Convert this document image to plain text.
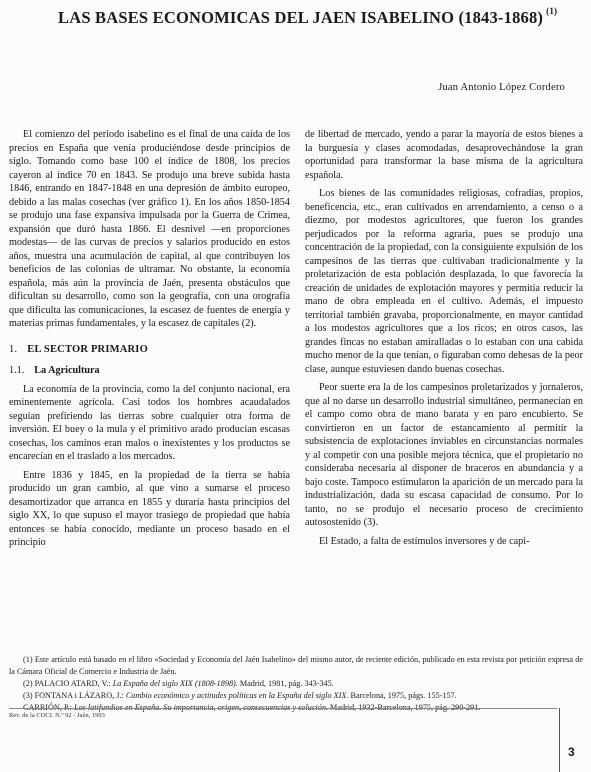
LAS BASES ECONOMICAS DEL JAEN ISABELINO (1843-1868) $^{(1)}$
Juan Antonio López Cordero

El comienzo del periodo isabelino es el final de una caída de los precios en España que venía produciéndose desde principios de siglo. Tomando como base 100 el índice de 1808, los precios cayeron al índice 70 en 1843. Se produjo una breve subida hasta 1846, entrando en 1847-1848 en una depresión de ámbito europeo, debido a las malas cosechas (ver gráfico 1). En los años 1850-1854 se produjo una fase expansiva impulsada por la Guerra de Crimea, expansión que duró hasta 1866. El desnivel —en proporciones modestas— de las curvas de precios y salarios producido en estos años, muestra una acumulación de capital, al que contribuyen los beneficios de las colonias de ultramar. No obstante, la economía española, más aún la provincia de Jaén, presenta obstáculos que dificultan su desarrollo, como son la geografía, con una orografía que dificulta las comunicaciones, la escasez de fuentes de energía y materias primas fundamentales, y la escasez de capitales (2).

1. EL SECTOR PRIMARIO
1.1. La Agricultura

La economía de la provincia, como la del conjunto nacional, era eminentemente agrícola. Casi todos los hombres acaudalados seguían prefiriendo las tierras sobre cualquier otra forma de inversión. El buey o la mula y el primitivo arado producían escasas cosechas, los caminos eran malos o inexistentes y los productos se encarecían en el traslado a los mercados.

Entre 1836 y 1845, en la propiedad de la tierra se había producido un gran cambio, al que vino a sumarse el proceso desamortizador que arranca en 1855 y duraría hasta principios del siglo XX, lo que supuso el mayor trasiego de propiedad que había entonces se había conocido, mediante un proceso basado en el principio

de libertad de mercado, yendo a parar la mayoría de estos bienes a la burguesía y clases acomodadas, desaprovechándose la gran oportunidad para transformar la base misma de la agricultura española.

Los bienes de las comunidades religiosas, cofradías, propios, beneficencia, etc., eran cultivados en arrendamiento, a censo o a diezmo, por modestos agricultores, que fueron los grandes perjudicados por la reforma agraria, pues se produjo una concentración de la propiedad, con la consiguiente expulsión de los campesinos de las tierras que cultivaban tradicionalmente y la proletarización de esta población desplazada, lo que favorecía la creación de unidades de explotación mayores y permitía reducir la mano de obra empleada en el cultivo. Además, el impuesto territorial también gravaba, proporcionalmente, en mayor cantidad a los modestos agricultores que a los ricos; en otros casos, las grandes fincas no estaban amiralladas o lo estaban con una cabida mucho menor de la que tenían, o figuraban como dehesas de la peor clase, aunque estuviesen dando buenas cosechas.

Peor suerte era la de los campesinos proletarizados y jornaleros, que al no darse un desarrollo industrial simultáneo, permanecían en el campo como obra de mano barata y en paro encubierto. Se convirtieron en un factor de estancamiento al permitir la subsistencia de explotaciones inviables en circunstancias normales y al competir con una posible mejora técnica, que el propietario no consideraba necesaria al disponer de braceros en abundancia y a bajo coste. Tampoco estimularon la aparición de un mercado para la industrialización, dada su escasa capacidad de consumo. Por lo tanto, no se produjo el necesario proceso de crecimiento autosostenido (3).

El Estado, a falta de estímulos inversores y de capi-

(1) Este artículo está basado en el libro «Sociedad y Economía del Jaén Isabelino» del mismo autor, de reciente edición, publicado en esta revista por petición expresa de la Cámara Oficial de Comercio e Industria de Jaén.
(2) PALACIO ATARD, V.: La España del siglo XIX (1808-1898). Madrid, 1981, pág. 343-345.
(3) FONTANA i LÁZARO, J.: Cambio económico y actitudes políticas en la España del siglo XIX. Barcelona, 1975, págs. 155-157.
CARRIÓN, P.: Los latifundios en España. Su importancia, origen, consecuencias y solución. Madrid, 1932-Barcelona, 1975, pág. 290-291.
Rev. de la COCI. N.º 92 - Jaén, 1993
3
